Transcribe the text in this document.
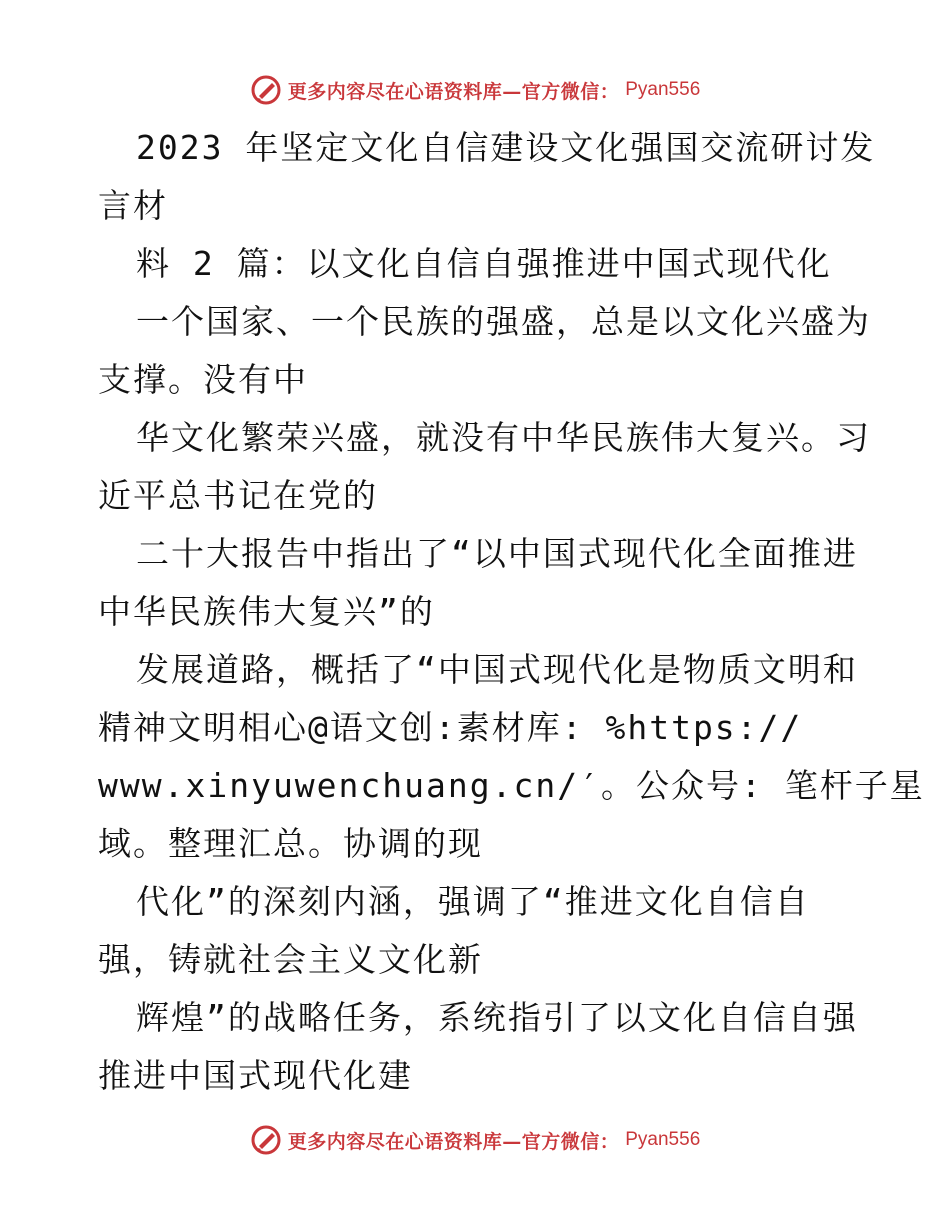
更多内容尽在心语资料库—官方微信： Pyan556
2023 年坚定文化自信建设文化强国交流研讨发
言材
料 2 篇：以文化自信自强推进中国式现代化
一个国家、一个民族的强盛，总是以文化兴盛为
支撑。没有中
华文化繁荣兴盛，就没有中华民族伟大复兴。习
近平总书记在党的
二十大报告中指出了“以中国式现代化全面推进
中华民族伟大复兴”的
发展道路，概括了“中国式现代化是物质文明和
精神文明相心@语文创:素材库: %https://
www.xinyuwenchuang.cn/′。公众号: 笔杆子星
域。整理汇总。协调的现
代化”的深刻内涵，强调了“推进文化自信自
强，铸就社会主义文化新
辉煌”的战略任务，系统指引了以文化自信自强
推进中国式现代化建
更多内容尽在心语资料库—官方微信： Pyan556
